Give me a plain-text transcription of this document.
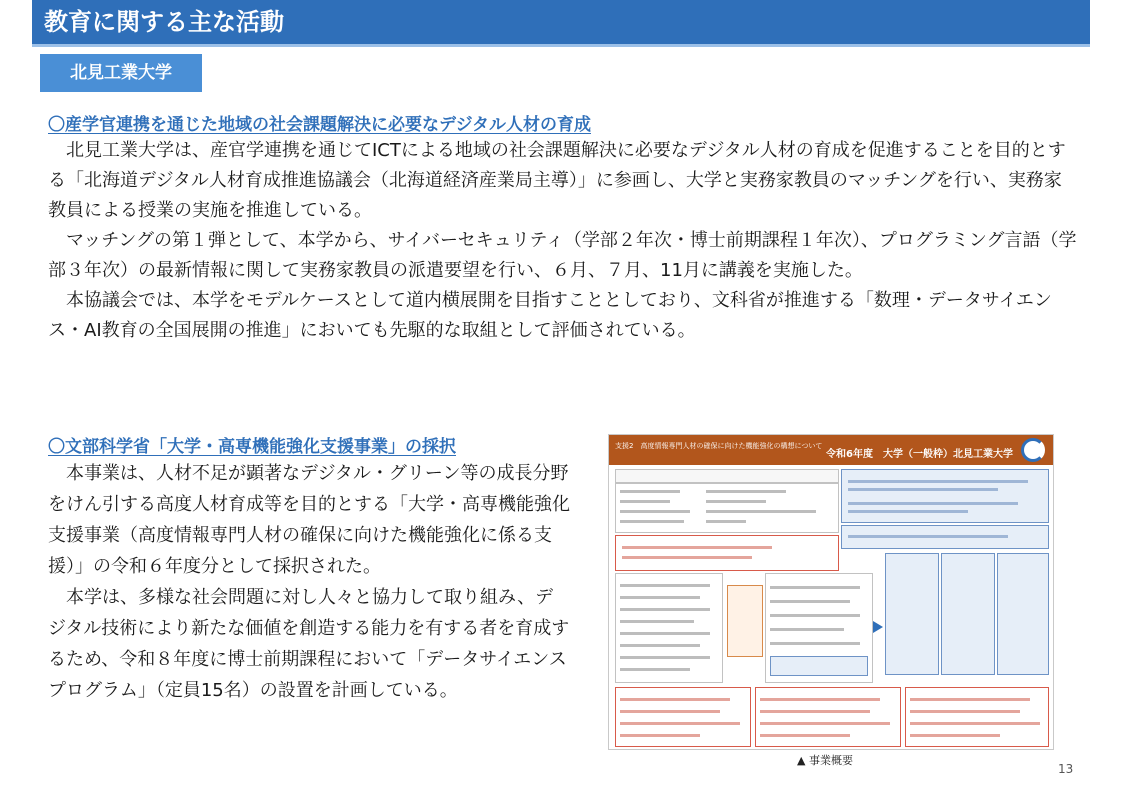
教育に関する主な活動
北見工業大学
〇産学官連携を通じた地域の社会課題解決に必要なデジタル人材の育成

北見工業大学は、産官学連携を通じてICTによる地域の社会課題解決に必要なデジタル人材の育成を促進することを目的とする「北海道デジタル人材育成推進協議会（北海道経済産業局主導）」に参画し、大学と実務家教員のマッチングを行い、実務家教員による授業の実施を推進している。

マッチングの第１弾として、本学から、サイバーセキュリティ（学部２年次・博士前期課程１年次）、プログラミング言語（学部３年次）の最新情報に関して実務家教員の派遣要望を行い、６月、７月、11月に講義を実施した。

本協議会では、本学をモデルケースとして道内横展開を目指すこととしており、文科省が推進する「数理・データサイエンス・AI教育の全国展開の推進」においても先駆的な取組として評価されている。

〇文部科学省「大学・高専機能強化支援事業」の採択

本事業は、人材不足が顕著なデジタル・グリーン等の成長分野をけん引する高度人材育成等を目的とする「大学・高専機能強化支援事業（高度情報専門人材の確保に向けた機能強化に係る支援）」の令和６年度分として採択された。

本学は、多様な社会問題に対し人々と協力して取り組み、デジタル技術により新たな価値を創造する能力を有する者を育成するため、令和８年度に博士前期課程において「データサイエンスプログラム」（定員15名）の設置を計画している。

支援2　高度情報専門人材の確保に向けた機能強化の構想について
令和6年度　大学（一般枠）北見工業大学
▲ 事業概要
13
